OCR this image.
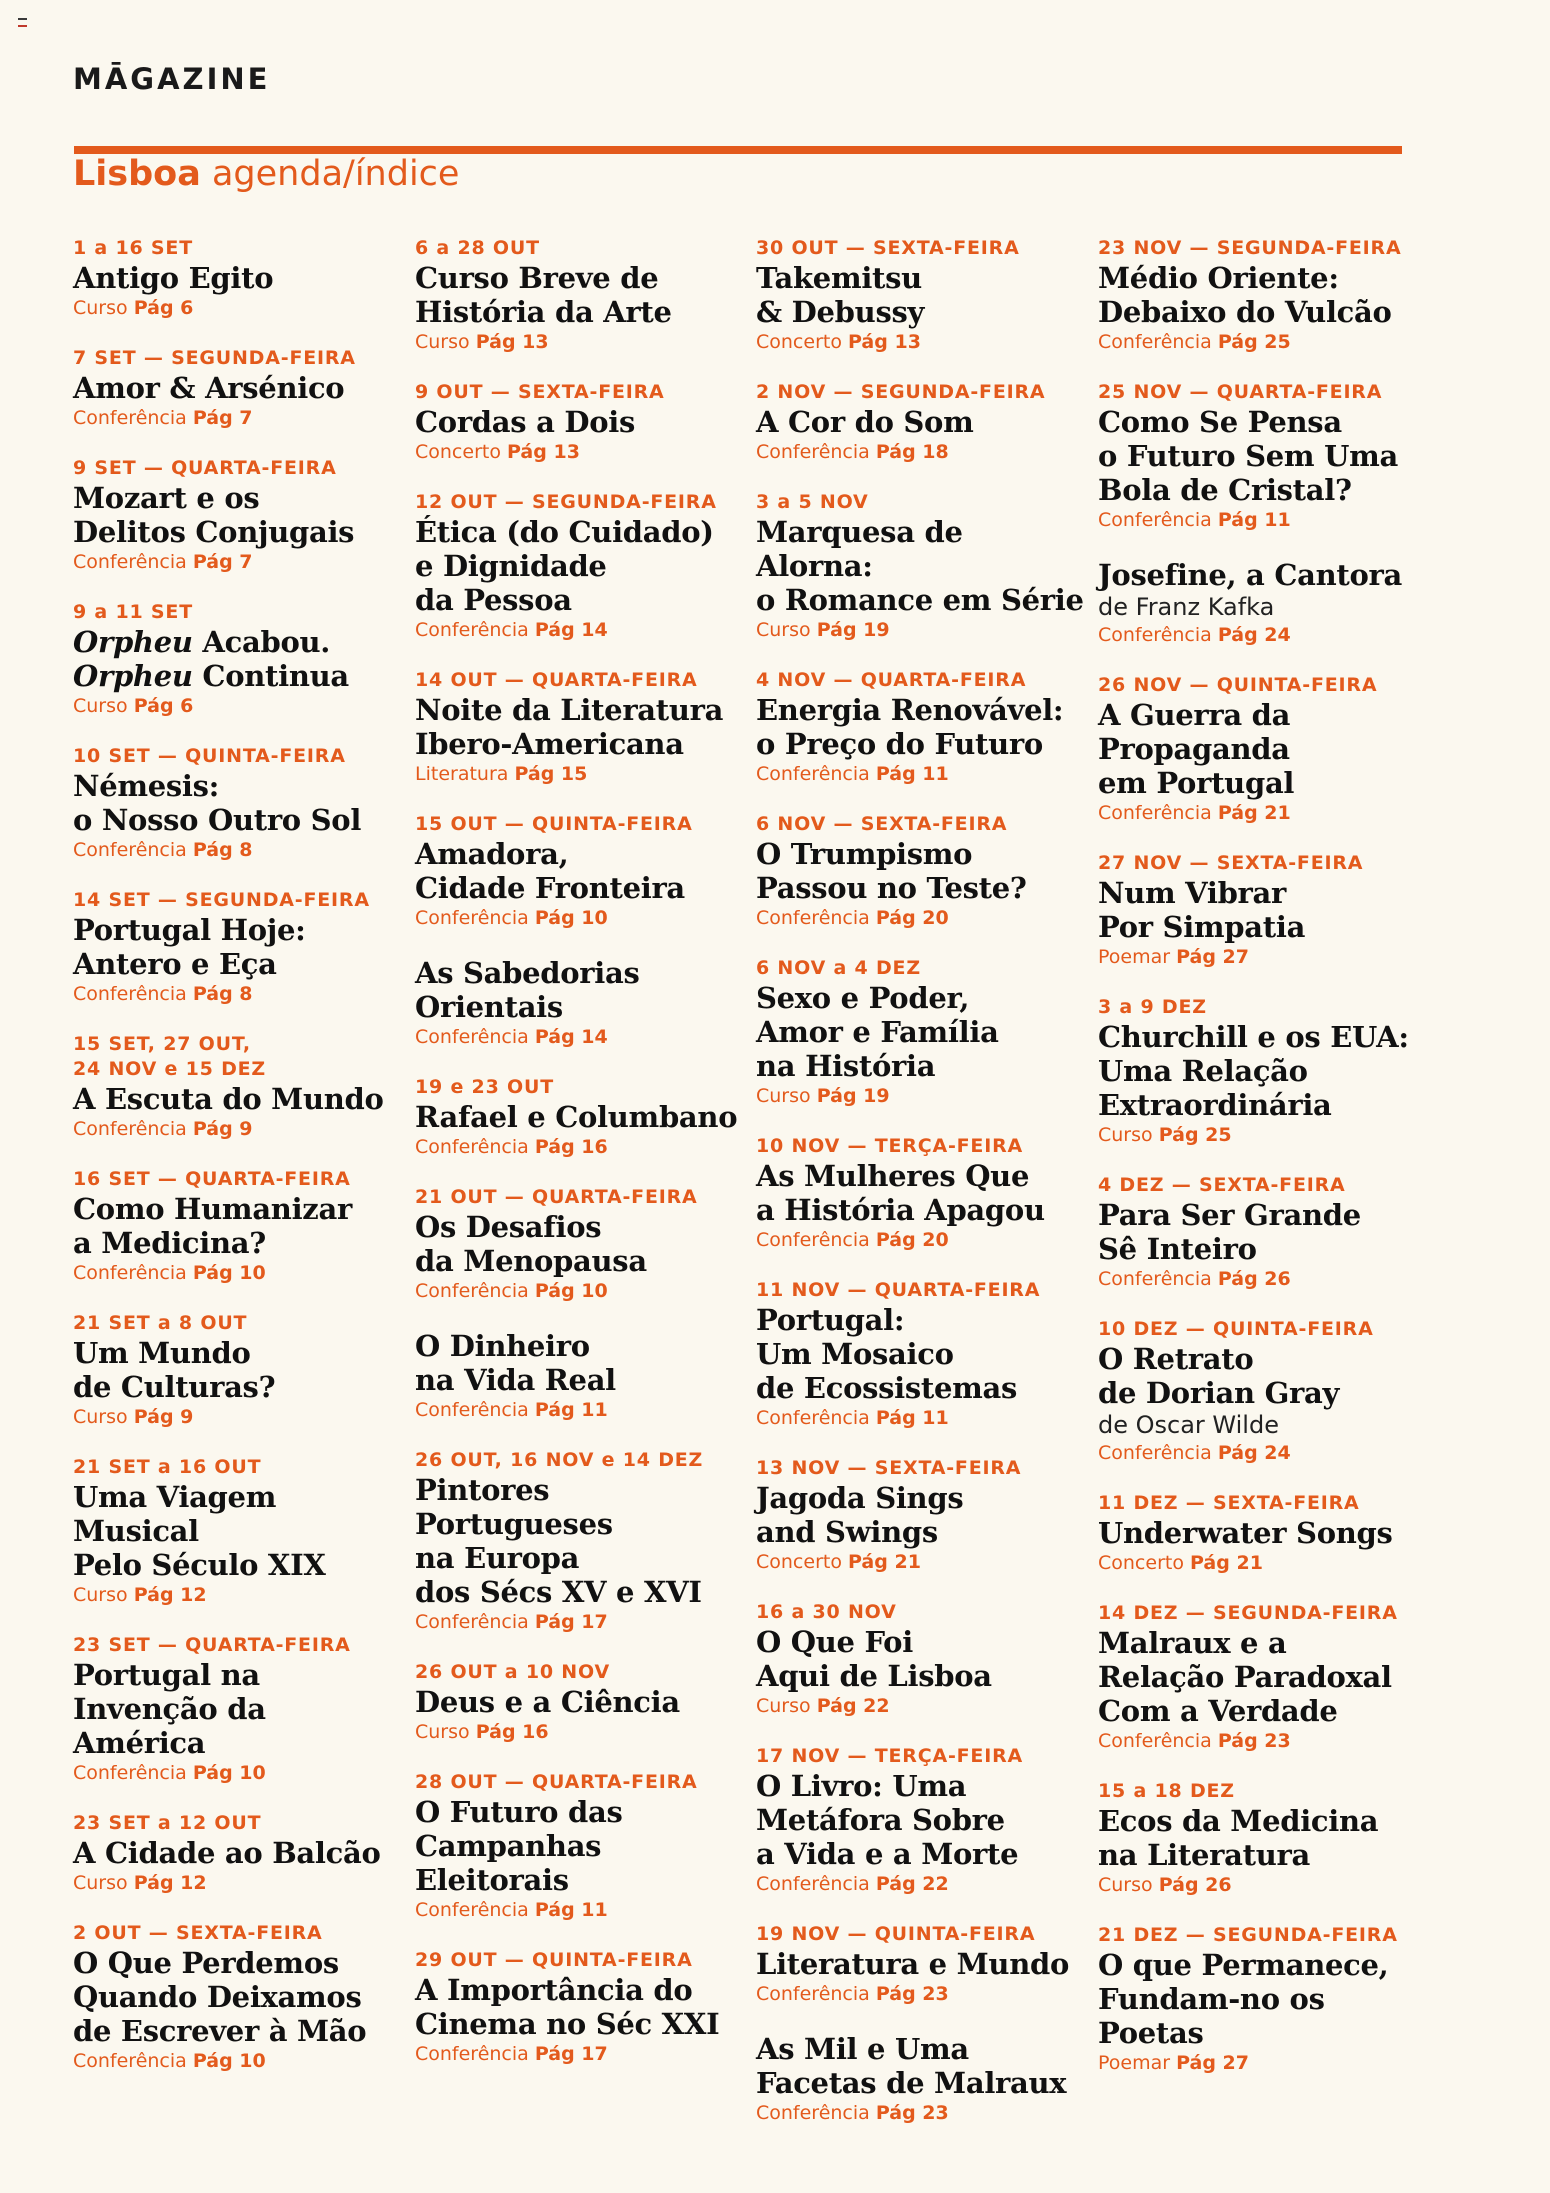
MĀGAZINE
Lisboa agenda/índice
1 a 16 SET
Antigo Egito
Curso Pág 6
7 SET — SEGUNDA-FEIRA
Amor & Arsénico
Conferência Pág 7
9 SET — QUARTA-FEIRA
Mozart e os
Delitos Conjugais
Conferência Pág 7
9 a 11 SET
Orpheu Acabou.
Orpheu Continua
Curso Pág 6
10 SET — QUINTA-FEIRA
Némesis:
o Nosso Outro Sol
Conferência Pág 8
14 SET — SEGUNDA-FEIRA
Portugal Hoje:
Antero e Eça
Conferência Pág 8
15 SET, 27 OUT,
24 NOV e 15 DEZ
A Escuta do Mundo
Conferência Pág 9
16 SET — QUARTA-FEIRA
Como Humanizar
a Medicina?
Conferência Pág 10
21 SET a 8 OUT
Um Mundo
de Culturas?
Curso Pág 9
21 SET a 16 OUT
Uma Viagem Musical
Pelo Século XIX
Curso Pág 12
23 SET — QUARTA-FEIRA
Portugal na
Invenção da América
Conferência Pág 10
23 SET a 12 OUT
A Cidade ao Balcão
Curso Pág 12
2 OUT — SEXTA-FEIRA
O Que Perdemos
Quando Deixamos
de Escrever à Mão
Conferência Pág 10
6 a 28 OUT
Curso Breve de
História da Arte
Curso Pág 13
9 OUT — SEXTA-FEIRA
Cordas a Dois
Concerto Pág 13
12 OUT — SEGUNDA-FEIRA
Ética (do Cuidado)
e Dignidade
da Pessoa
Conferência Pág 14
14 OUT — QUARTA-FEIRA
Noite da Literatura
Ibero-Americana
Literatura Pág 15
15 OUT — QUINTA-FEIRA
Amadora,
Cidade Fronteira
Conferência Pág 10
As Sabedorias
Orientais
Conferência Pág 14
19 e 23 OUT
Rafael e Columbano
Conferência Pág 16
21 OUT — QUARTA-FEIRA
Os Desafios
da Menopausa
Conferência Pág 10
O Dinheiro
na Vida Real
Conferência Pág 11
26 OUT, 16 NOV e 14 DEZ
Pintores
Portugueses
na Europa
dos Sécs XV e XVI
Conferência Pág 17
26 OUT a 10 NOV
Deus e a Ciência
Curso Pág 16
28 OUT — QUARTA-FEIRA
O Futuro das
Campanhas
Eleitorais
Conferência Pág 11
29 OUT — QUINTA-FEIRA
A Importância do
Cinema no Séc XXI
Conferência Pág 17
30 OUT — SEXTA-FEIRA
Takemitsu
& Debussy
Concerto Pág 13
2 NOV — SEGUNDA-FEIRA
A Cor do Som
Conferência Pág 18
3 a 5 NOV
Marquesa de Alorna:
o Romance em Série
Curso Pág 19
4 NOV — QUARTA-FEIRA
Energia Renovável:
o Preço do Futuro
Conferência Pág 11
6 NOV — SEXTA-FEIRA
O Trumpismo
Passou no Teste?
Conferência Pág 20
6 NOV a 4 DEZ
Sexo e Poder,
Amor e Família
na História
Curso Pág 19
10 NOV — TERÇA-FEIRA
As Mulheres Que
a História Apagou
Conferência Pág 20
11 NOV — QUARTA-FEIRA
Portugal:
Um Mosaico
de Ecossistemas
Conferência Pág 11
13 NOV — SEXTA-FEIRA
Jagoda Sings
and Swings
Concerto Pág 21
16 a 30 NOV
O Que Foi
Aqui de Lisboa
Curso Pág 22
17 NOV — TERÇA-FEIRA
O Livro: Uma
Metáfora Sobre
a Vida e a Morte
Conferência Pág 22
19 NOV — QUINTA-FEIRA
Literatura e Mundo
Conferência Pág 23
As Mil e Uma
Facetas de Malraux
Conferência Pág 23
23 NOV — SEGUNDA-FEIRA
Médio Oriente:
Debaixo do Vulcão
Conferência Pág 25
25 NOV — QUARTA-FEIRA
Como Se Pensa
o Futuro Sem Uma
Bola de Cristal?
Conferência Pág 11
Josefine, a Cantora
de Franz Kafka
Conferência Pág 24
26 NOV — QUINTA-FEIRA
A Guerra da
Propaganda
em Portugal
Conferência Pág 21
27 NOV — SEXTA-FEIRA
Num Vibrar
Por Simpatia
Poemar Pág 27
3 a 9 DEZ
Churchill e os EUA:
Uma Relação
Extraordinária
Curso Pág 25
4 DEZ — SEXTA-FEIRA
Para Ser Grande
Sê Inteiro
Conferência Pág 26
10 DEZ — QUINTA-FEIRA
O Retrato
de Dorian Gray
de Oscar Wilde
Conferência Pág 24
11 DEZ — SEXTA-FEIRA
Underwater Songs
Concerto Pág 21
14 DEZ — SEGUNDA-FEIRA
Malraux e a
Relação Paradoxal
Com a Verdade
Conferência Pág 23
15 a 18 DEZ
Ecos da Medicina
na Literatura
Curso Pág 26
21 DEZ — SEGUNDA-FEIRA
O que Permanece,
Fundam-no os
Poetas
Poemar Pág 27
